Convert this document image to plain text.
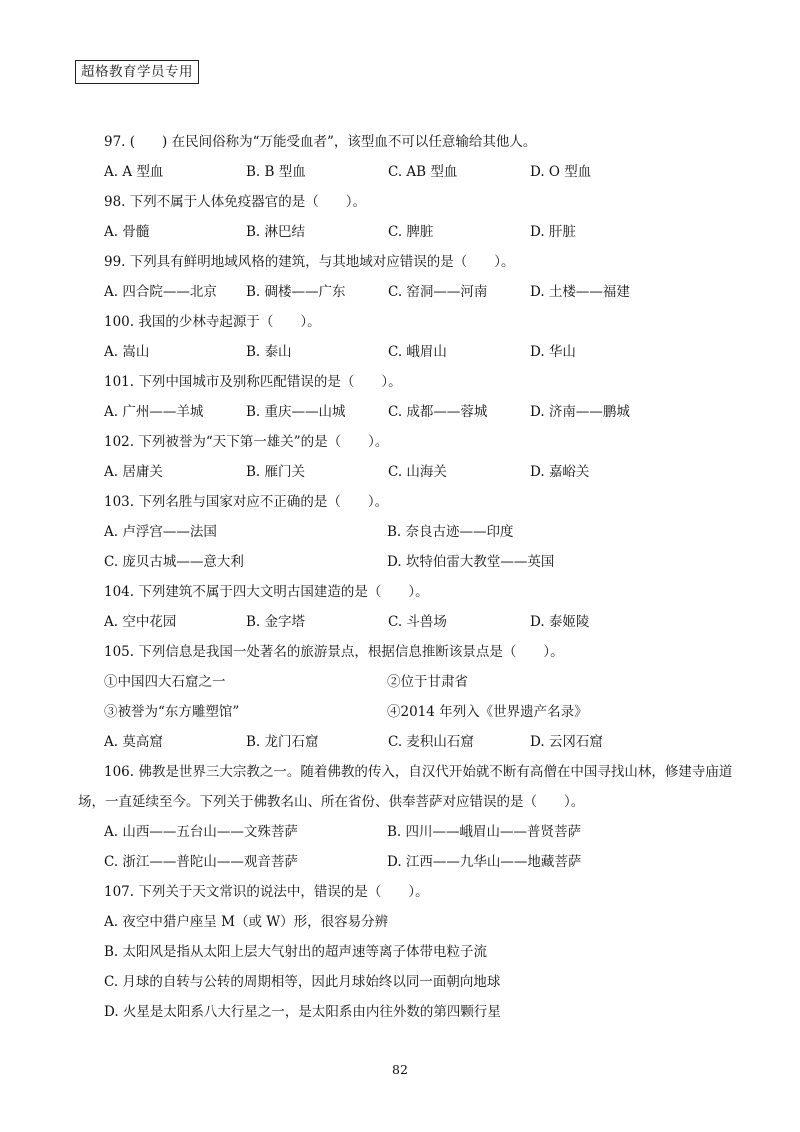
超格教育学员专用
97. (　　) 在民间俗称为“万能受血者”，该型血不可以任意输给其他人。
A. A 型血	B. B 型血	C. AB 型血	D. O 型血
98. 下列不属于人体免疫器官的是（　　）。
A. 骨髓	B. 淋巴结	C. 脾脏	D. 肝脏
99. 下列具有鲜明地域风格的建筑，与其地域对应错误的是（　　）。
A. 四合院——北京	B. 碉楼——广东	C. 窑洞——河南	D. 土楼——福建
100. 我国的少林寺起源于（　　）。
A. 嵩山	B. 泰山	C. 峨眉山	D. 华山
101. 下列中国城市及别称匹配错误的是（　　）。
A. 广州——羊城	B. 重庆——山城	C. 成都——蓉城	D. 济南——鹏城
102. 下列被誉为“天下第一雄关”的是（　　）。
A. 居庸关	B. 雁门关	C. 山海关	D. 嘉峪关
103. 下列名胜与国家对应不正确的是（　　）。
A. 卢浮宫——法国	B. 奈良古迹——印度
C. 庞贝古城——意大利	D. 坎特伯雷大教堂——英国
104. 下列建筑不属于四大文明古国建造的是（　　）。
A. 空中花园	B. 金字塔	C. 斗兽场	D. 泰姬陵
105. 下列信息是我国一处著名的旅游景点，根据信息推断该景点是（　　）。
①中国四大石窟之一	②位于甘肃省
③被誉为“东方雕塑馆”	④2014 年列入《世界遗产名录》
A. 莫高窟	B. 龙门石窟	C. 麦积山石窟	D. 云冈石窟
106. 佛教是世界三大宗教之一。随着佛教的传入，自汉代开始就不断有高僧在中国寻找山林，修建寺庙道
场，一直延续至今。下列关于佛教名山、所在省份、供奉菩萨对应错误的是（　　）。
A. 山西——五台山——文殊菩萨	B. 四川——峨眉山——普贤菩萨
C. 浙江——普陀山——观音菩萨	D. 江西——九华山——地藏菩萨
107. 下列关于天文常识的说法中，错误的是（　　）。
A. 夜空中猎户座呈 M（或 W）形，很容易分辨
B. 太阳风是指从太阳上层大气射出的超声速等离子体带电粒子流
C. 月球的自转与公转的周期相等，因此月球始终以同一面朝向地球
D. 火星是太阳系八大行星之一，是太阳系由内往外数的第四颗行星
82
